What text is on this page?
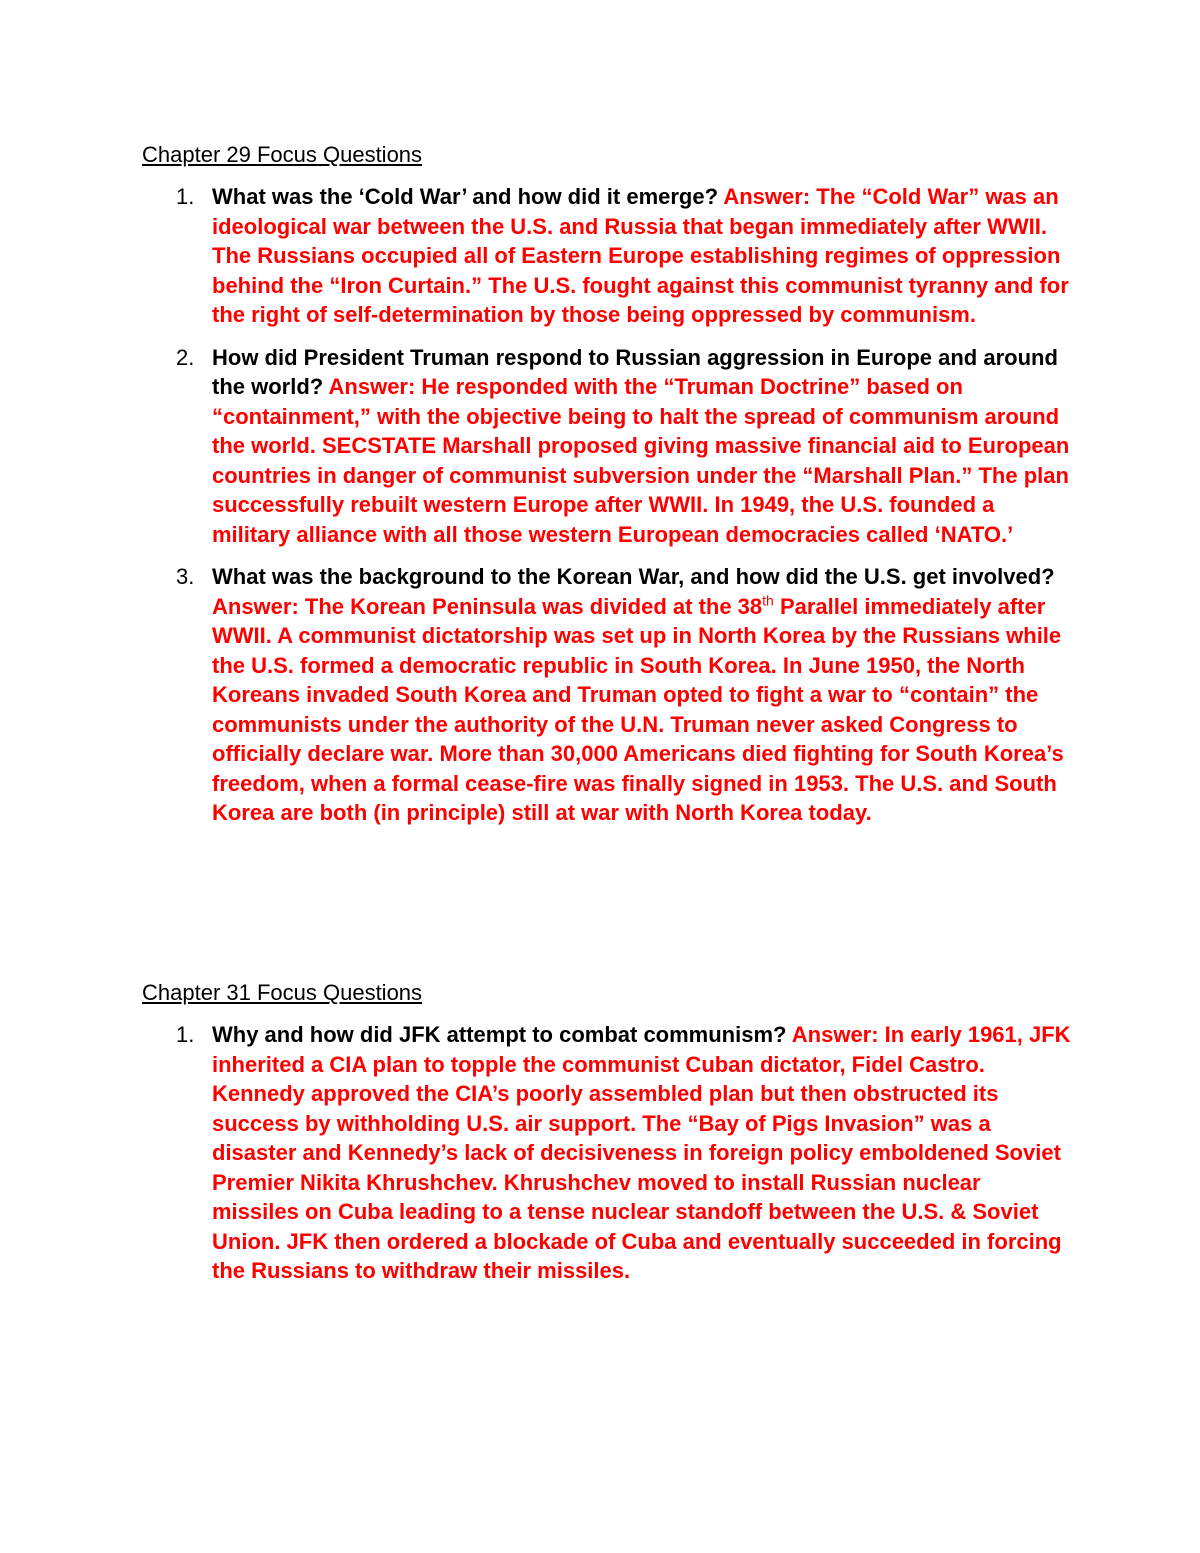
Chapter 29 Focus Questions
1. What was the ‘Cold War’ and how did it emerge? Answer: The “Cold War” was an ideological war between the U.S. and Russia that began immediately after WWII. The Russians occupied all of Eastern Europe establishing regimes of oppression behind the “Iron Curtain.” The U.S. fought against this communist tyranny and for the right of self-determination by those being oppressed by communism.
2. How did President Truman respond to Russian aggression in Europe and around the world? Answer: He responded with the “Truman Doctrine” based on “containment,” with the objective being to halt the spread of communism around the world. SECSTATE Marshall proposed giving massive financial aid to European countries in danger of communist subversion under the “Marshall Plan.” The plan successfully rebuilt western Europe after WWII. In 1949, the U.S. founded a military alliance with all those western European democracies called ‘NATO.’
3. What was the background to the Korean War, and how did the U.S. get involved? Answer: The Korean Peninsula was divided at the 38th Parallel immediately after WWII. A communist dictatorship was set up in North Korea by the Russians while the U.S. formed a democratic republic in South Korea. In June 1950, the North Koreans invaded South Korea and Truman opted to fight a war to “contain” the communists under the authority of the U.N. Truman never asked Congress to officially declare war. More than 30,000 Americans died fighting for South Korea’s freedom, when a formal cease-fire was finally signed in 1953. The U.S. and South Korea are both (in principle) still at war with North Korea today.
Chapter 31 Focus Questions
1. Why and how did JFK attempt to combat communism? Answer: In early 1961, JFK inherited a CIA plan to topple the communist Cuban dictator, Fidel Castro. Kennedy approved the CIA’s poorly assembled plan but then obstructed its success by withholding U.S. air support. The “Bay of Pigs Invasion” was a disaster and Kennedy’s lack of decisiveness in foreign policy emboldened Soviet Premier Nikita Khrushchev. Khrushchev moved to install Russian nuclear missiles on Cuba leading to a tense nuclear standoff between the U.S. & Soviet Union. JFK then ordered a blockade of Cuba and eventually succeeded in forcing the Russians to withdraw their missiles.
